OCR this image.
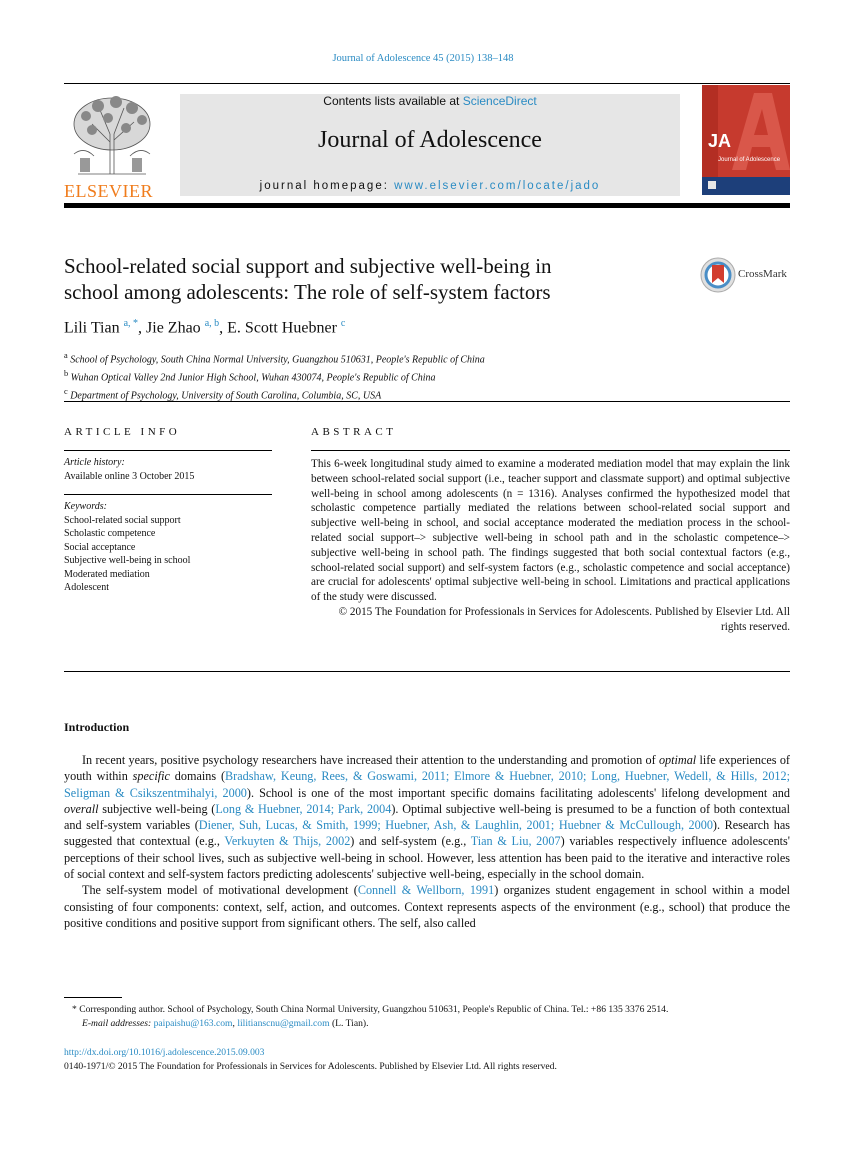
Journal of Adolescence 45 (2015) 138–148
ELSEVIER
Contents lists available at ScienceDirect
Journal of Adolescence
journal homepage: www.elsevier.com/locate/jado
JA
Journal of Adolescence
School-related social support and subjective well-being in
school among adolescents: The role of self-system factors
CrossMark
Lili Tian $^{a, *}$, Jie Zhao $^{a, b}$, E. Scott Huebner $^c$
$^a$ School of Psychology, South China Normal University, Guangzhou 510631, People's Republic of China
$^b$ Wuhan Optical Valley 2nd Junior High School, Wuhan 430074, People's Republic of China
$^c$ Department of Psychology, University of South Carolina, Columbia, SC, USA
ARTICLE INFO
Article history:
Available online 3 October 2015
Keywords:
School-related social support
Scholastic competence
Social acceptance
Subjective well-being in school
Moderated mediation
Adolescent
ABSTRACT

This 6-week longitudinal study aimed to examine a moderated mediation model that may explain the link between school-related social support (i.e., teacher support and classmate support) and optimal subjective well-being in school among adolescents (n = 1316). Analyses confirmed the hypothesized model that scholastic competence partially mediated the relations between school-related social support and subjective well-being in school, and social acceptance moderated the mediation process in the school-related social support–> subjective well-being in school path and in the scholastic competence–> subjective well-being in school path. The findings suggested that both social contextual factors (e.g., school-related social support) and self-system factors (e.g., scholastic competence and social acceptance) are crucial for adolescents' optimal subjective well-being in school. Limitations and practical applications of the study were discussed.

© 2015 The Foundation for Professionals in Services for Adolescents. Published by Elsevier Ltd. All rights reserved.

Introduction

In recent years, positive psychology researchers have increased their attention to the understanding and promotion of optimal life experiences of youth within specific domains (Bradshaw, Keung, Rees, & Goswami, 2011; Elmore & Huebner, 2010; Long, Huebner, Wedell, & Hills, 2012; Seligman & Csikszentmihalyi, 2000). School is one of the most important specific domains facilitating adolescents' lifelong development and overall subjective well-being (Long & Huebner, 2014; Park, 2004). Optimal subjective well-being is presumed to be a function of both contextual and self-system variables (Diener, Suh, Lucas, & Smith, 1999; Huebner, Ash, & Laughlin, 2001; Huebner & McCullough, 2000). Research has suggested that contextual (e.g., Verkuyten & Thijs, 2002) and self-system (e.g., Tian & Liu, 2007) variables respectively influence adolescents' perceptions of their school lives, such as subjective well-being in school. However, less attention has been paid to the iterative and interactive roles of social context and self-system factors predicting adolescents' subjective well-being, especially in the school domain.

The self-system model of motivational development (Connell & Wellborn, 1991) organizes student engagement in school within a model consisting of four components: context, self, action, and outcomes. Context represents aspects of the environment (e.g., school) that produce the positive conditions and positive support from significant others. The self, also called

* Corresponding author. School of Psychology, South China Normal University, Guangzhou 510631, People's Republic of China. Tel.: +86 135 3376 2514.
E-mail addresses: paipaishu@163.com, lilitianscnu@gmail.com (L. Tian).
http://dx.doi.org/10.1016/j.adolescence.2015.09.003
0140-1971/© 2015 The Foundation for Professionals in Services for Adolescents. Published by Elsevier Ltd. All rights reserved.
